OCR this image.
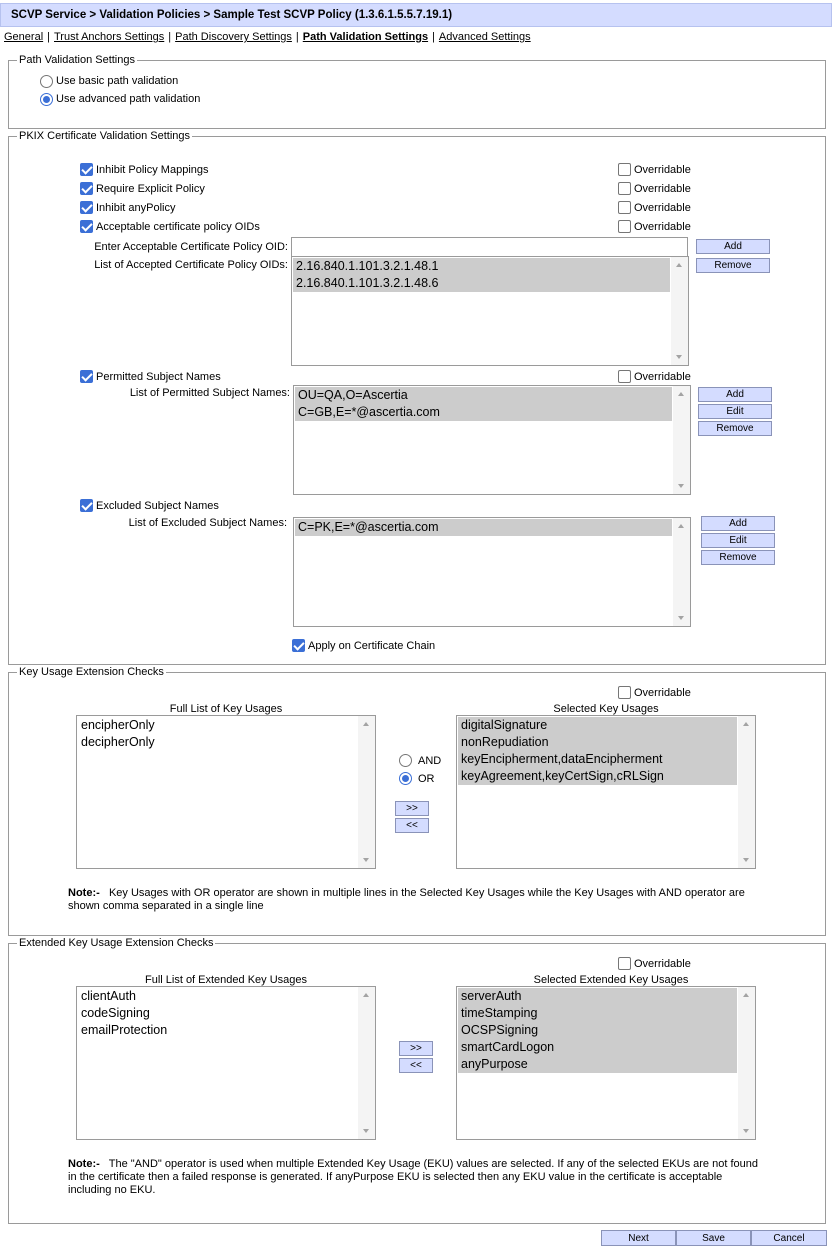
SCVP Service > Validation Policies > Sample Test SCVP Policy (1.3.6.1.5.5.7.19.1)
General | Trust Anchors Settings | Path Discovery Settings | Path Validation Settings | Advanced Settings
Path Validation Settings
Use basic path validation
Use advanced path validation
PKIX Certificate Validation Settings
Inhibit Policy Mappings	Overridable
Require Explicit Policy	Overridable
Inhibit anyPolicy	Overridable
Acceptable certificate policy OIDs	Overridable
Enter Acceptable Certificate Policy OID:	Add
Remove
List of Accepted Certificate Policy OIDs: 2.16.840.1.101.3.2.1.48.1
2.16.840.1.101.3.2.1.48.6
Permitted Subject Names	Overridable
List of Permitted Subject Names: OU=QA,O=Ascertia
C=GB,E=*@ascertia.com
Add
Edit
Remove
Excluded Subject Names
List of Excluded Subject Names: C=PK,E=*@ascertia.com	Add
Edit
Remove
Apply on Certificate Chain
Key Usage Extension Checks
Overridable
Full List of Key Usages	Selected Key Usages
encipherOnly
decipherOnly
AND
OR
>>
<<
digitalSignature
nonRepudiation
keyEncipherment,dataEncipherment
keyAgreement,keyCertSign,cRLSign
Note:- Key Usages with OR operator are shown in multiple lines in the Selected Key Usages while the Key Usages with AND operator are shown comma separated in a single line
Extended Key Usage Extension Checks
Overridable
Full List of Extended Key Usages	Selected Extended Key Usages
clientAuth
codeSigning
emailProtection
>>
<<
serverAuth
timeStamping
OCSPSigning
smartCardLogon
anyPurpose
Note:- The "AND" operator is used when multiple Extended Key Usage (EKU) values are selected. If any of the selected EKUs are not found in the certificate then a failed response is generated. If anyPurpose EKU is selected then any EKU value in the certificate is acceptable including no EKU.
Next	Save	Cancel
